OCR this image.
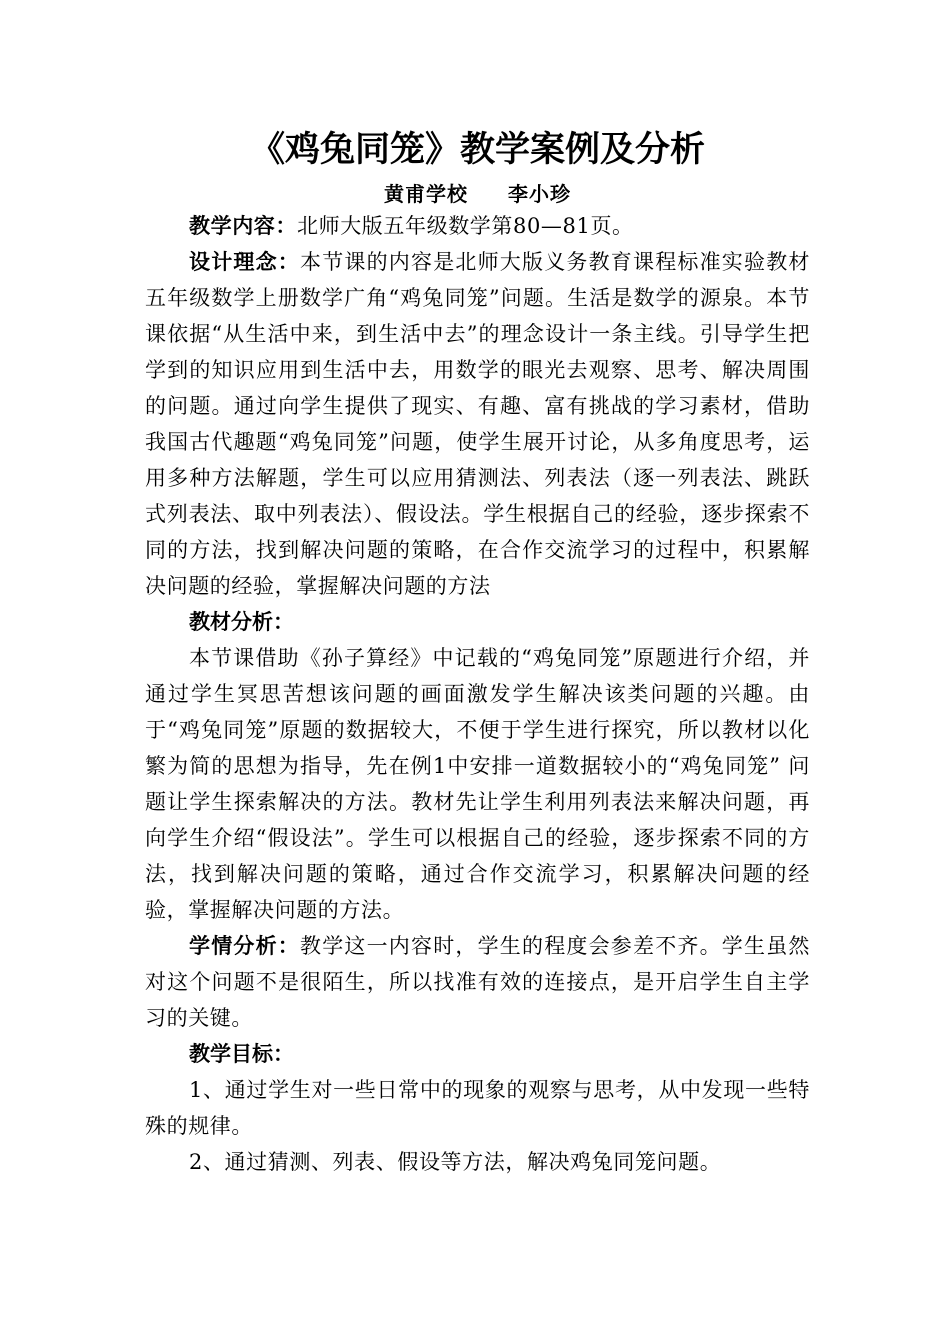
《鸡兔同笼》教学案例及分析
黄甫学校 李小珍

教学内容：北师大版五年级数学第80—81页。

设计理念：本节课的内容是北师大版义务教育课程标准实验教材五年级数学上册数学广角“鸡兔同笼”问题。生活是数学的源泉。本节课依据“从生活中来，到生活中去”的理念设计一条主线。引导学生把学到的知识应用到生活中去，用数学的眼光去观察、思考、解决周围的问题。通过向学生提供了现实、有趣、富有挑战的学习素材，借助我国古代趣题“鸡兔同笼”问题，使学生展开讨论，从多角度思考，运用多种方法解题，学生可以应用猜测法、列表法（逐一列表法、跳跃式列表法、取中列表法）、假设法。学生根据自己的经验，逐步探索不同的方法，找到解决问题的策略，在合作交流学习的过程中，积累解决问题的经验，掌握解决问题的方法

教材分析：

本节课借助《孙子算经》中记载的“鸡兔同笼”原题进行介绍，并通过学生冥思苦想该问题的画面激发学生解决该类问题的兴趣。由于“鸡兔同笼”原题的数据较大，不便于学生进行探究，所以教材以化繁为简的思想为指导，先在例1中安排一道数据较小的“鸡兔同笼” 问题让学生探索解决的方法。教材先让学生利用列表法来解决问题，再向学生介绍“假设法”。学生可以根据自己的经验，逐步探索不同的方法，找到解决问题的策略，通过合作交流学习，积累解决问题的经验，掌握解决问题的方法。

学情分析：教学这一内容时，学生的程度会参差不齐。学生虽然对这个问题不是很陌生，所以找准有效的连接点，是开启学生自主学习的关键。

教学目标：

1、通过学生对一些日常中的现象的观察与思考，从中发现一些特殊的规律。

2、通过猜测、列表、假设等方法，解决鸡兔同笼问题。
